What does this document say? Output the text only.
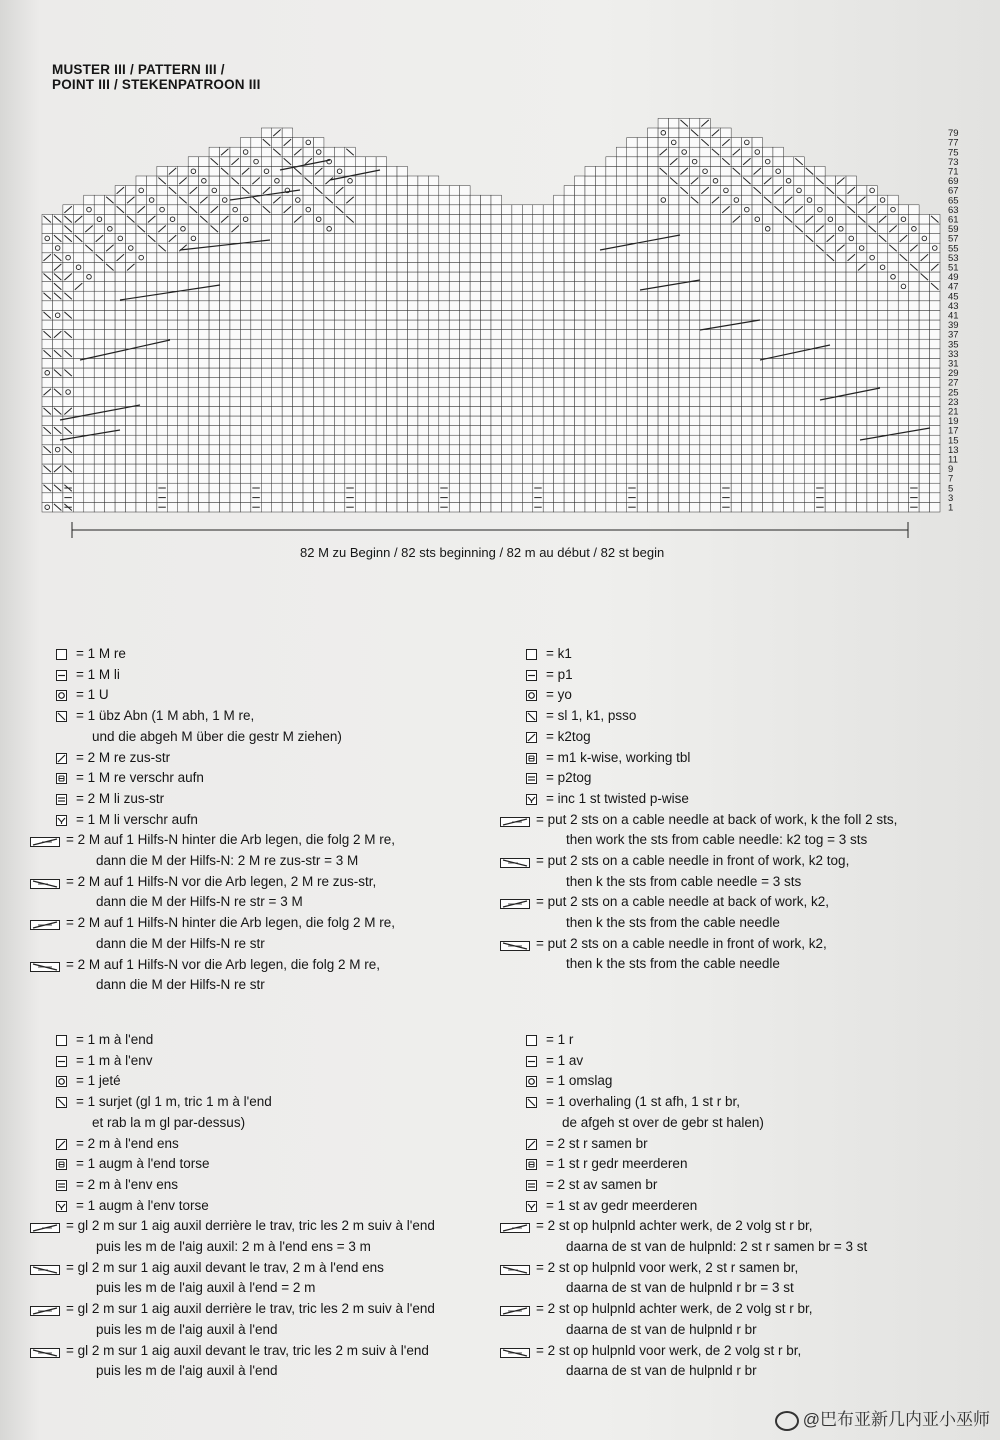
MUSTER III / PATTERN III /
POINT III / STEKENPATROON III
79
77
75
73
71
69
67
65
63
61
59
57
55
53
51
49
47
45
43
41
39
37
35
33
31
29
27
25
23
21
19
17
15
13
11
9
7
5
3
1
82 M zu Beginn / 82 sts beginning / 82 m au début / 82 st begin
= 1 M re
= 1 M li
= 1 U
= 1 übz Abn (1 M abh, 1 M re,
und die abgeh M über die gestr M ziehen)
= 2 M re zus-str
= 1 M re verschr aufn
= 2 M li zus-str
= 1 M li verschr aufn
= 2 M auf 1 Hilfs-N hinter die Arb legen, die folg 2 M re,
dann die M der Hilfs-N: 2 M re zus-str = 3 M
= 2 M auf 1 Hilfs-N vor die Arb legen, 2 M re zus-str,
dann die M der Hilfs-N re str = 3 M
= 2 M auf 1 Hilfs-N hinter die Arb legen, die folg 2 M re,
dann die M der Hilfs-N re str
= 2 M auf 1 Hilfs-N vor die Arb legen, die folg 2 M re,
dann die M der Hilfs-N re str
= k1
= p1
= yo
= sl 1, k1, psso
= k2tog
= m1 k-wise, working tbl
= p2tog
= inc 1 st twisted p-wise
= put 2 sts on a cable needle at back of work, k the foll 2 sts,
then work the sts from cable needle: k2 tog = 3 sts
= put 2 sts on a cable needle in front of work, k2 tog,
then k the sts from cable needle = 3 sts
= put 2 sts on a cable needle at back of work, k2,
then k the sts from the cable needle
= put 2 sts on a cable needle in front of work, k2,
then k the sts from the cable needle
= 1 m à l'end
= 1 m à l'env
= 1 jeté
= 1 surjet (gl 1 m, tric 1 m à l'end
et rab la m gl par-dessus)
= 2 m à l'end ens
= 1 augm à l'end torse
= 2 m à l'env ens
= 1 augm à l'env torse
= gl 2 m sur 1 aig auxil derrière le trav, tric les 2 m suiv à l'end
puis les m de l'aig auxil: 2 m à l'end ens = 3 m
= gl 2 m sur 1 aig auxil devant le trav, 2 m à l'end ens
puis les m de l'aig auxil à l'end = 2 m
= gl 2 m sur 1 aig auxil derrière le trav, tric les 2 m suiv à l'end
puis les m de l'aig auxil à l'end
= gl 2 m sur 1 aig auxil devant le trav, tric les 2 m suiv à l'end
puis les m de l'aig auxil à l'end
= 1 r
= 1 av
= 1 omslag
= 1 overhaling (1 st afh, 1 st r br,
de afgeh st over de gebr st halen)
= 2 st r samen br
= 1 st r gedr meerderen
= 2 st av samen br
= 1 st av gedr meerderen
= 2 st op hulpnld achter werk, de 2 volg st r br,
daarna de st van de hulpnld: 2 st r samen br = 3 st
= 2 st op hulpnld voor werk, 2 st r samen br,
daarna de st van de hulpnld r br = 3 st
= 2 st op hulpnld achter werk, de 2 volg st r br,
daarna de st van de hulpnld r br
= 2 st op hulpnld voor werk, de 2 volg st r br,
daarna de st van de hulpnld r br
@巴布亚新几内亚小巫师
